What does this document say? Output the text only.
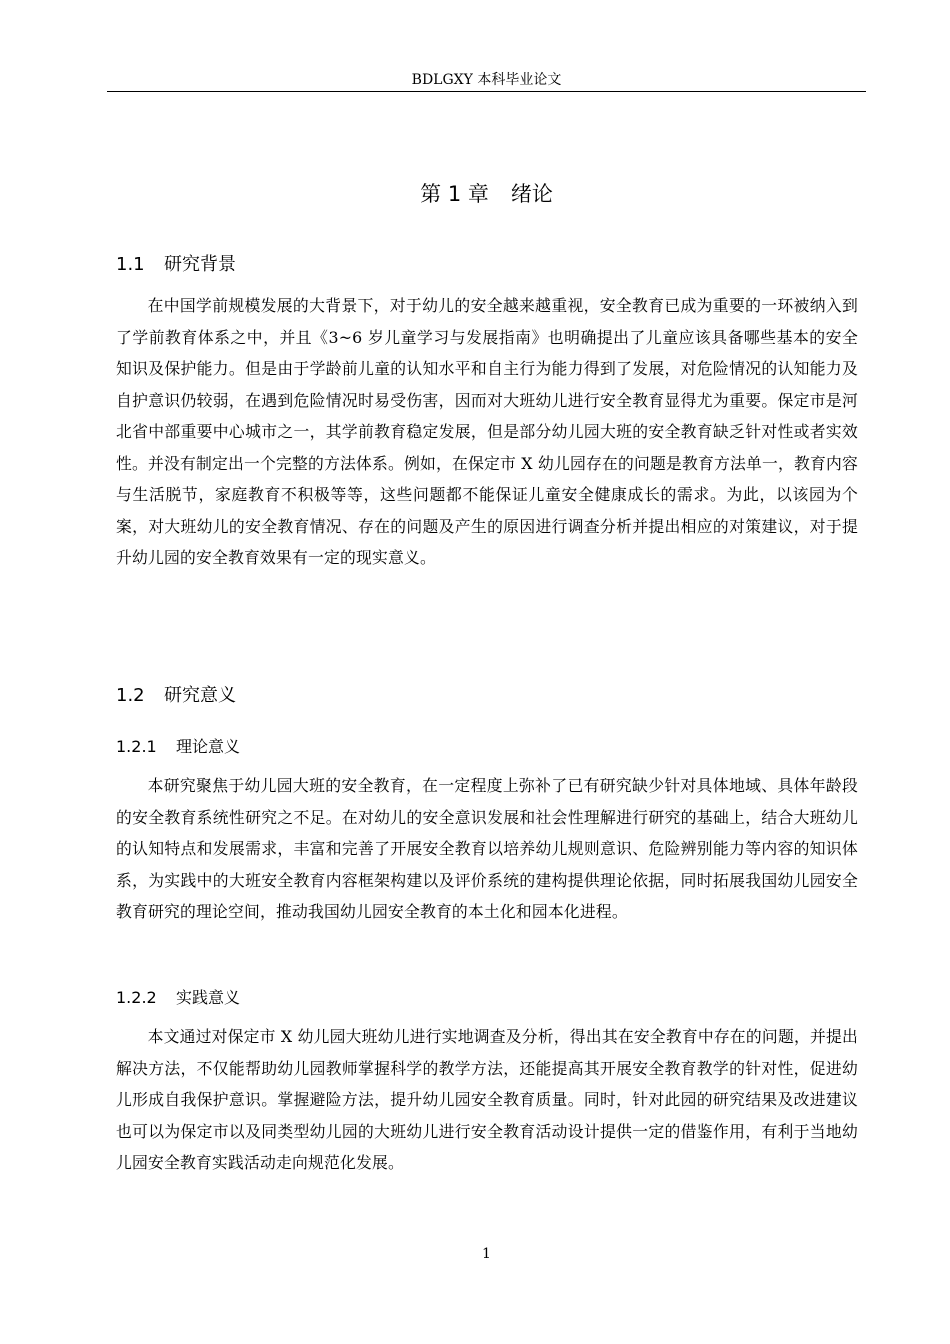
BDLGXY 本科毕业论文
第 1 章 绪论
1.1 研究背景

在中国学前规模发展的大背景下，对于幼儿的安全越来越重视，安全教育已成为重要的一环被纳入到了学前教育体系之中，并且《3~6 岁儿童学习与发展指南》也明确提出了儿童应该具备哪些基本的安全知识及保护能力。但是由于学龄前儿童的认知水平和自主行为能力得到了发展，对危险情况的认知能力及自护意识仍较弱，在遇到危险情况时易受伤害，因而对大班幼儿进行安全教育显得尤为重要。保定市是河北省中部重要中心城市之一，其学前教育稳定发展，但是部分幼儿园大班的安全教育缺乏针对性或者实效性。并没有制定出一个完整的方法体系。例如，在保定市 X 幼儿园存在的问题是教育方法单一，教育内容与生活脱节，家庭教育不积极等等，这些问题都不能保证儿童安全健康成长的需求。为此，以该园为个案，对大班幼儿的安全教育情况、存在的问题及产生的原因进行调查分析并提出相应的对策建议，对于提升幼儿园的安全教育效果有一定的现实意义。

1.2 研究意义
1.2.1 理论意义

本研究聚焦于幼儿园大班的安全教育，在一定程度上弥补了已有研究缺少针对具体地域、具体年龄段的安全教育系统性研究之不足。在对幼儿的安全意识发展和社会性理解进行研究的基础上，结合大班幼儿的认知特点和发展需求，丰富和完善了开展安全教育以培养幼儿规则意识、危险辨别能力等内容的知识体系，为实践中的大班安全教育内容框架构建以及评价系统的建构提供理论依据，同时拓展我国幼儿园安全教育研究的理论空间，推动我国幼儿园安全教育的本土化和园本化进程。

1.2.2 实践意义

本文通过对保定市 X 幼儿园大班幼儿进行实地调查及分析，得出其在安全教育中存在的问题，并提出解决方法，不仅能帮助幼儿园教师掌握科学的教学方法，还能提高其开展安全教育教学的针对性，促进幼儿形成自我保护意识。掌握避险方法，提升幼儿园安全教育质量。同时，针对此园的研究结果及改进建议也可以为保定市以及同类型幼儿园的大班幼儿进行安全教育活动设计提供一定的借鉴作用，有利于当地幼儿园安全教育实践活动走向规范化发展。

1
